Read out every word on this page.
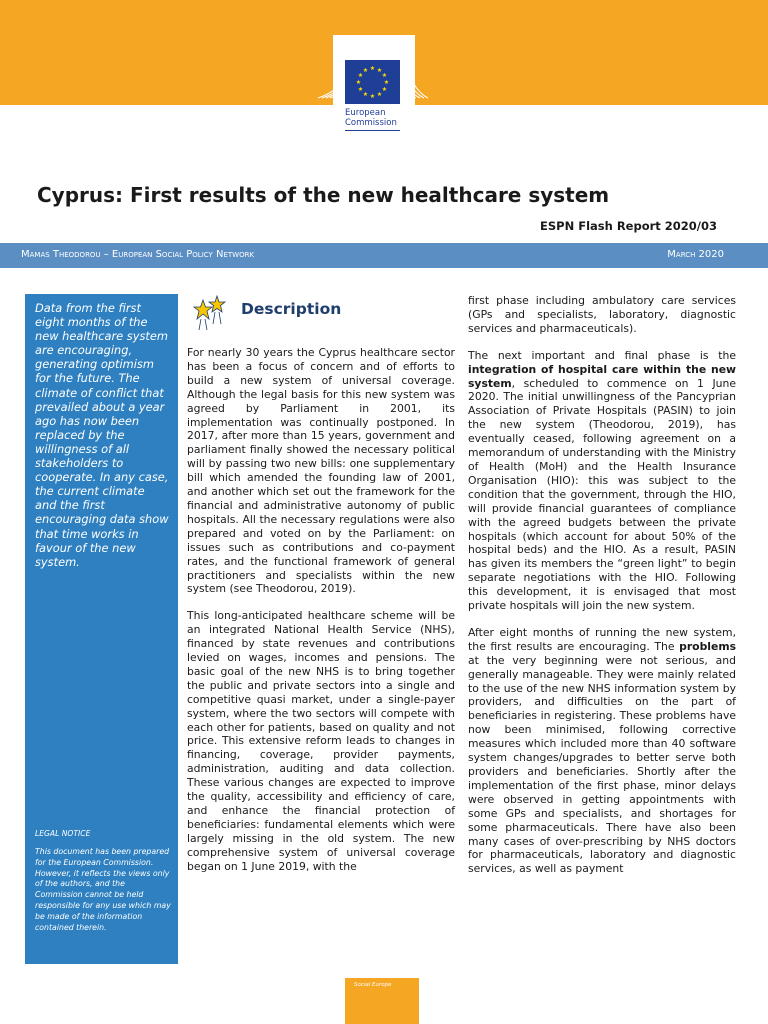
★ ★
★
★
★
★
★
★
★
★
★
★
European
Commission
Cyprus: First results of the new healthcare system
ESPN Flash Report 2020/03
Mamas Theodorou – European Social Policy Network	March 2020
Data from the first eight months of the new healthcare system are encouraging, generating optimism for the future. The climate of conflict that prevailed about a year ago has now been replaced by the willingness of all stakeholders to cooperate. In any case, the current climate and the first encouraging data show that time works in favour of the new system.
LEGAL NOTICE
This document has been prepared for the European Commission. However, it reflects the views only of the authors, and the Commission cannot be held responsible for any use which may be made of the information contained therein.
Description

For nearly 30 years the Cyprus healthcare sector has been a focus of concern and of efforts to build a new system of universal coverage. Although the legal basis for this new system was agreed by Parliament in 2001, its implementation was continually postponed. In 2017, after more than 15 years, government and parliament finally showed the necessary political will by passing two new bills: one supplementary bill which amended the founding law of 2001, and another which set out the framework for the financial and administrative autonomy of public hospitals. All the necessary regulations were also prepared and voted on by the Parliament: on issues such as contributions and co-payment rates, and the functional framework of general practitioners and specialists within the new system (see Theodorou, 2019).

This long-anticipated healthcare scheme will be an integrated National Health Service (NHS), financed by state revenues and contributions levied on wages, incomes and pensions. The basic goal of the new NHS is to bring together the public and private sectors into a single and competitive quasi market, under a single-payer system, where the two sectors will compete with each other for patients, based on quality and not price. This extensive reform leads to changes in financing, coverage, provider payments, administration, auditing and data collection. These various changes are expected to improve the quality, accessibility and efficiency of care, and enhance the financial protection of beneficiaries: fundamental elements which were largely missing in the old system. The new comprehensive system of universal coverage began on 1 June 2019, with the

first phase including ambulatory care services (GPs and specialists, laboratory, diagnostic services and pharmaceuticals).

The next important and final phase is the integration of hospital care within the new system, scheduled to commence on 1 June 2020. The initial unwillingness of the Pancyprian Association of Private Hospitals (PASIN) to join the new system (Theodorou, 2019), has eventually ceased, following agreement on a memorandum of understanding with the Ministry of Health (MoH) and the Health Insurance Organisation (HIO): this was subject to the condition that the government, through the HIO, will provide financial guarantees of compliance with the agreed budgets between the private hospitals (which account for about 50% of the hospital beds) and the HIO. As a result, PASIN has given its members the “green light” to begin separate negotiations with the HIO. Following this development, it is envisaged that most private hospitals will join the new system.

After eight months of running the new system, the first results are encouraging. The problems at the very beginning were not serious, and generally manageable. They were mainly related to the use of the new NHS information system by providers, and difficulties on the part of beneficiaries in registering. These problems have now been minimised, following corrective measures which included more than 40 software system changes/upgrades to better serve both providers and beneficiaries. Shortly after the implementation of the first phase, minor delays were observed in getting appointments with some GPs and specialists, and shortages for some pharmaceuticals. There have also been many cases of over-prescribing by NHS doctors for pharmaceuticals, laboratory and diagnostic services, as well as payment

Social Europe
